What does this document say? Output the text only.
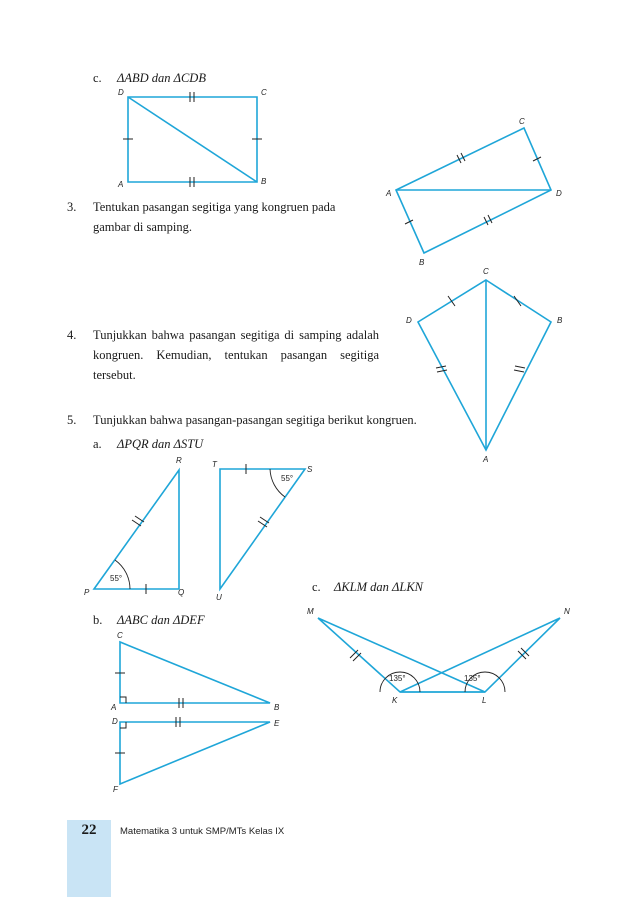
c. ΔABD dan ΔCDB
3. Tentukan pasangan segitiga yang kongruen pada gambar di samping.
4. Tunjukkan bahwa pasangan segitiga di samping adalah kongruen. Kemudian, tentukan pasangan segitiga tersebut.
5. Tunjukkan bahwa pasangan-pasangan segitiga berikut kongruen.
a. ΔPQR dan ΔSTU
b. ΔABC dan ΔDEF
c. ΔKLM dan ΔLKN
D	C
A	B
C
A	D
B
C
D	B
A
55°
P	Q
R
55°
T
S
U
C
A	B
D	E
F
135°	135°
M	N
K	L
22	Matematika 3 untuk SMP/MTs Kelas IX
